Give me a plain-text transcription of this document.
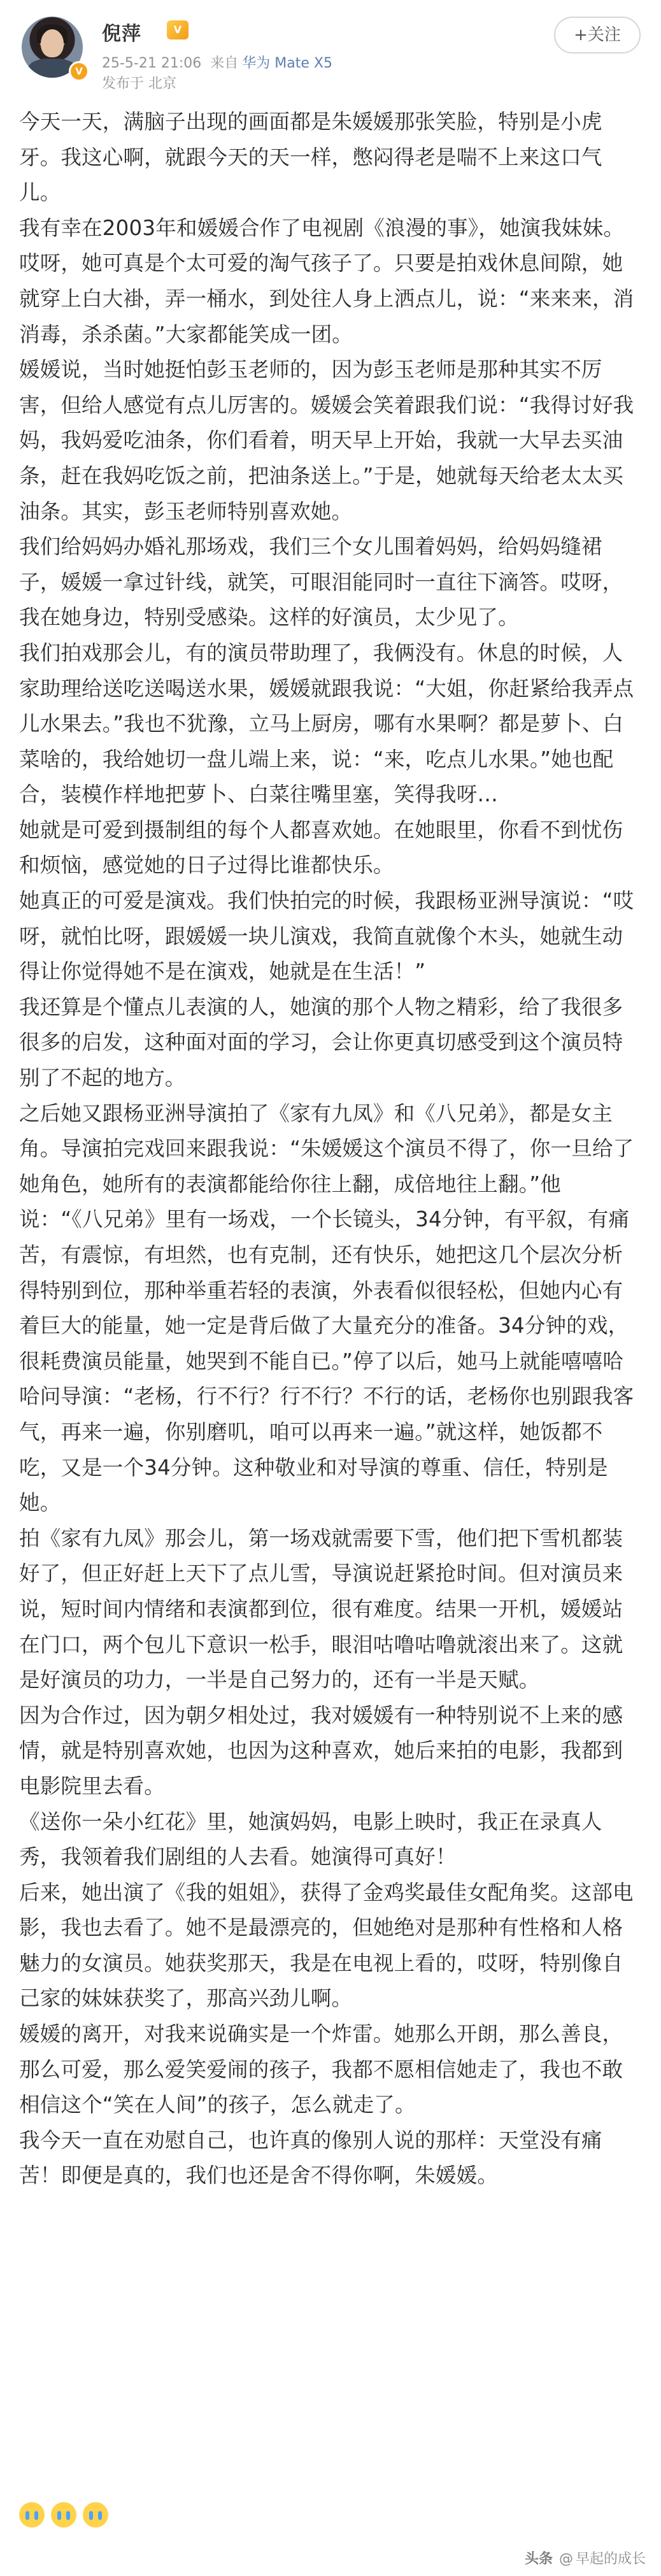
V
倪萍	V
25-5-21 21:06 来自 华为 Mate X5
发布于 北京
+关注

今天一天，满脑子出现的画面都是朱媛媛那张笑脸，特别是小虎牙。我这心啊，就跟今天的天一样，憋闷得老是喘不上来这口气儿。

我有幸在2003年和媛媛合作了电视剧《浪漫的事》，她演我妹妹。哎呀，她可真是个太可爱的淘气孩子了。只要是拍戏休息间隙，她就穿上白大褂，弄一桶水，到处往人身上洒点儿，说：“来来来，消消毒，杀杀菌。”大家都能笑成一团。

媛媛说，当时她挺怕彭玉老师的，因为彭玉老师是那种其实不厉害，但给人感觉有点儿厉害的。媛媛会笑着跟我们说：“我得讨好我妈，我妈爱吃油条，你们看着，明天早上开始，我就一大早去买油条，赶在我妈吃饭之前，把油条送上。”于是，她就每天给老太太买油条。其实，彭玉老师特别喜欢她。

我们给妈妈办婚礼那场戏，我们三个女儿围着妈妈，给妈妈缝裙子，媛媛一拿过针线，就笑，可眼泪能同时一直往下滴答。哎呀，我在她身边，特别受感染。这样的好演员，太少见了。

我们拍戏那会儿，有的演员带助理了，我俩没有。休息的时候，人家助理给送吃送喝送水果，媛媛就跟我说：“大姐，你赶紧给我弄点儿水果去。”我也不犹豫，立马上厨房，哪有水果啊？都是萝卜、白菜啥的，我给她切一盘儿端上来，说：“来，吃点儿水果。”她也配合，装模作样地把萝卜、白菜往嘴里塞，笑得我呀…

她就是可爱到摄制组的每个人都喜欢她。在她眼里，你看不到忧伤和烦恼，感觉她的日子过得比谁都快乐。

她真正的可爱是演戏。我们快拍完的时候，我跟杨亚洲导演说：“哎呀，就怕比呀，跟媛媛一块儿演戏，我简直就像个木头，她就生动得让你觉得她不是在演戏，她就是在生活！”

我还算是个懂点儿表演的人，她演的那个人物之精彩，给了我很多很多的启发，这种面对面的学习，会让你更真切感受到这个演员特别了不起的地方。

之后她又跟杨亚洲导演拍了《家有九凤》和《八兄弟》，都是女主角。导演拍完戏回来跟我说：“朱媛媛这个演员不得了，你一旦给了她角色，她所有的表演都能给你往上翻，成倍地往上翻。”他说：“《八兄弟》里有一场戏，一个长镜头，34分钟，有平叙，有痛苦，有震惊，有坦然，也有克制，还有快乐，她把这几个层次分析得特别到位，那种举重若轻的表演，外表看似很轻松，但她内心有着巨大的能量，她一定是背后做了大量充分的准备。34分钟的戏，很耗费演员能量，她哭到不能自已。”停了以后，她马上就能嘻嘻哈哈问导演：“老杨，行不行？行不行？不行的话，老杨你也别跟我客气，再来一遍，你别磨叽，咱可以再来一遍。”就这样，她饭都不吃，又是一个34分钟。这种敬业和对导演的尊重、信任，特别是她。

拍《家有九凤》那会儿，第一场戏就需要下雪，他们把下雪机都装好了，但正好赶上天下了点儿雪，导演说赶紧抢时间。但对演员来说，短时间内情绪和表演都到位，很有难度。结果一开机，媛媛站在门口，两个包儿下意识一松手，眼泪咕噜咕噜就滚出来了。这就是好演员的功力，一半是自己努力的，还有一半是天赋。

因为合作过，因为朝夕相处过，我对媛媛有一种特别说不上来的感情，就是特别喜欢她，也因为这种喜欢，她后来拍的电影，我都到电影院里去看。

《送你一朵小红花》里，她演妈妈，电影上映时，我正在录真人秀，我领着我们剧组的人去看。她演得可真好！

后来，她出演了《我的姐姐》，获得了金鸡奖最佳女配角奖。这部电影，我也去看了。她不是最漂亮的，但她绝对是那种有性格和人格魅力的女演员。她获奖那天，我是在电视上看的，哎呀，特别像自己家的妹妹获奖了，那高兴劲儿啊。

媛媛的离开，对我来说确实是一个炸雷。她那么开朗，那么善良，那么可爱，那么爱笑爱闹的孩子，我都不愿相信她走了，我也不敢相信这个“笑在人间”的孩子，怎么就走了。

我今天一直在劝慰自己，也许真的像别人说的那样：天堂没有痛苦！即便是真的，我们也还是舍不得你啊，朱媛媛。

头条 @ 早起的成长
